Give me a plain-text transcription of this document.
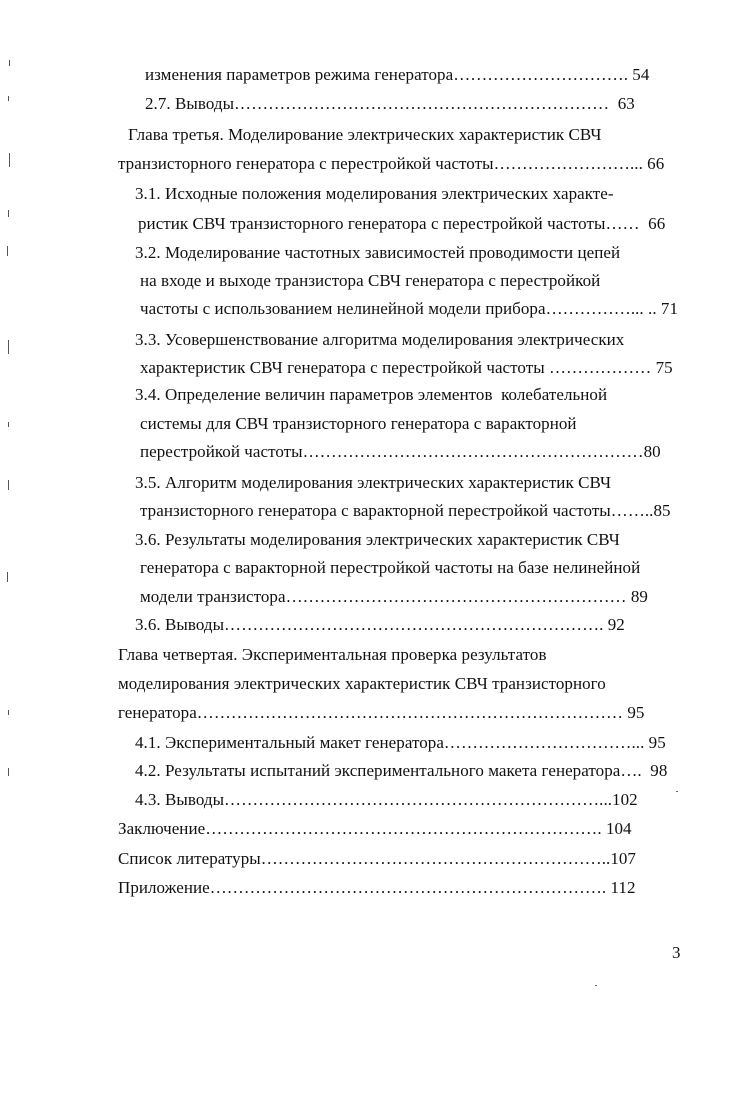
изменения параметров режима генератора…………………………. 54
2.7. Выводы…………………………………………………………  63
Глава третья. Моделирование электрических характеристик СВЧ
транзисторного генератора с перестройкой частоты……………………... 66
3.1. Исходные положения моделирования электрических характе-
ристик СВЧ транзисторного генератора с перестройкой частоты……  66
3.2. Моделирование частотных зависимостей проводимости цепей
на входе и выходе транзистора СВЧ генератора с перестройкой
частоты с использованием нелинейной модели прибора……………... .. 71
3.3. Усовершенствование алгоритма моделирования электрических
характеристик СВЧ генератора с перестройкой частоты ……………… 75
3.4. Определение величин параметров элементов  колебательной
системы для СВЧ транзисторного генератора с варакторной
перестройкой частоты……………………………………………………80
3.5. Алгоритм моделирования электрических характеристик СВЧ
транзисторного генератора с варакторной перестройкой частоты……..85
3.6. Результаты моделирования электрических характеристик СВЧ
генератора с варакторной перестройкой частоты на базе нелинейной
модели транзистора…………………………………………………… 89
3.6. Выводы…………………………………………………………. 92
Глава четвертая. Экспериментальная проверка результатов
моделирования электрических характеристик СВЧ транзисторного
генератора………………………………………………………………… 95
4.1. Экспериментальный макет генератора……………………………... 95
4.2. Результаты испытаний экспериментального макета генератора….  98
4.3. Выводы…………………………………………………………...102
Заключение……………………………………………………………. 104
Список литературы……………………………………………………..107
Приложение……………………………………………………………. 112
3
